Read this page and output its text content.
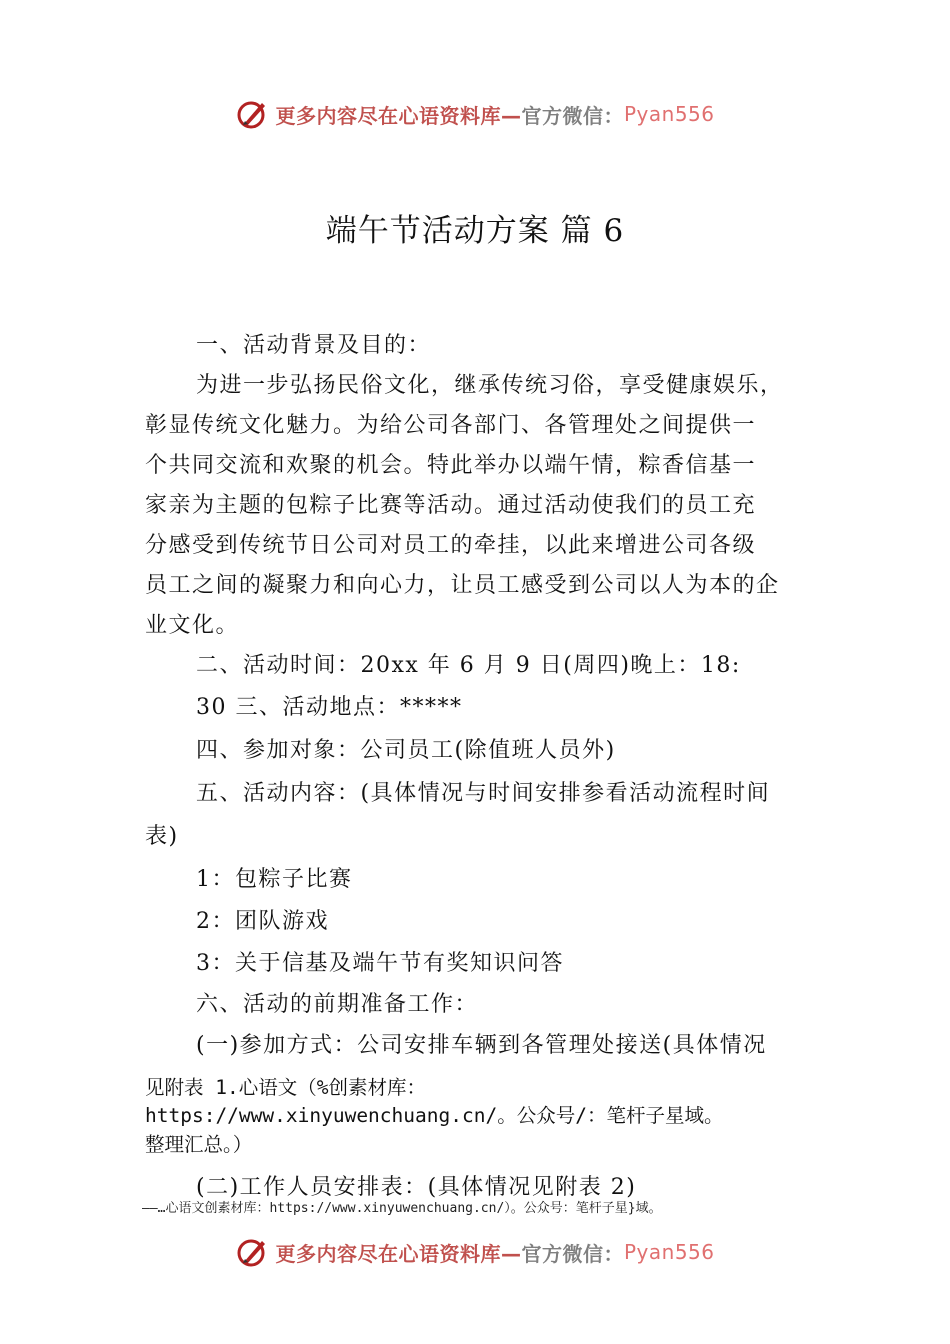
更多内容尽在心语资料库— 官方微信： Pyan556
端午节活动方案 篇 6
一、活动背景及目的：
为进一步弘扬民俗文化，继承传统习俗，享受健康娱乐，
彰显传统文化魅力。为给公司各部门、各管理处之间提供一
个共同交流和欢聚的机会。特此举办以端午情，粽香信基一
家亲为主题的包粽子比赛等活动。通过活动使我们的员工充
分感受到传统节日公司对员工的牵挂，以此来增进公司各级
员工之间的凝聚力和向心力，让员工感受到公司以人为本的企
业文化。
二、活动时间：20xx 年 6 月 9 日(周四)晚上：18:
30 三、活动地点：*****
四、参加对象：公司员工(除值班人员外)
五、活动内容：(具体情况与时间安排参看活动流程时间
表)
1：包粽子比赛
2：团队游戏
3：关于信基及端午节有奖知识问答
六、活动的前期准备工作：
(一)参加方式：公司安排车辆到各管理处接送(具体情况
见附表 1.心语文（%创素材库：
https://www.xinyuwenchuang.cn/。公众号/：笔杆子星域。
整理汇总。）
(二)工作人员安排表：(具体情况见附表 2)
——…心语文创素材库：https://www.xinyuwenchuang.cn/）。公众号：笔杆子星}域。
更多内容尽在心语资料库— 官方微信： Pyan556
